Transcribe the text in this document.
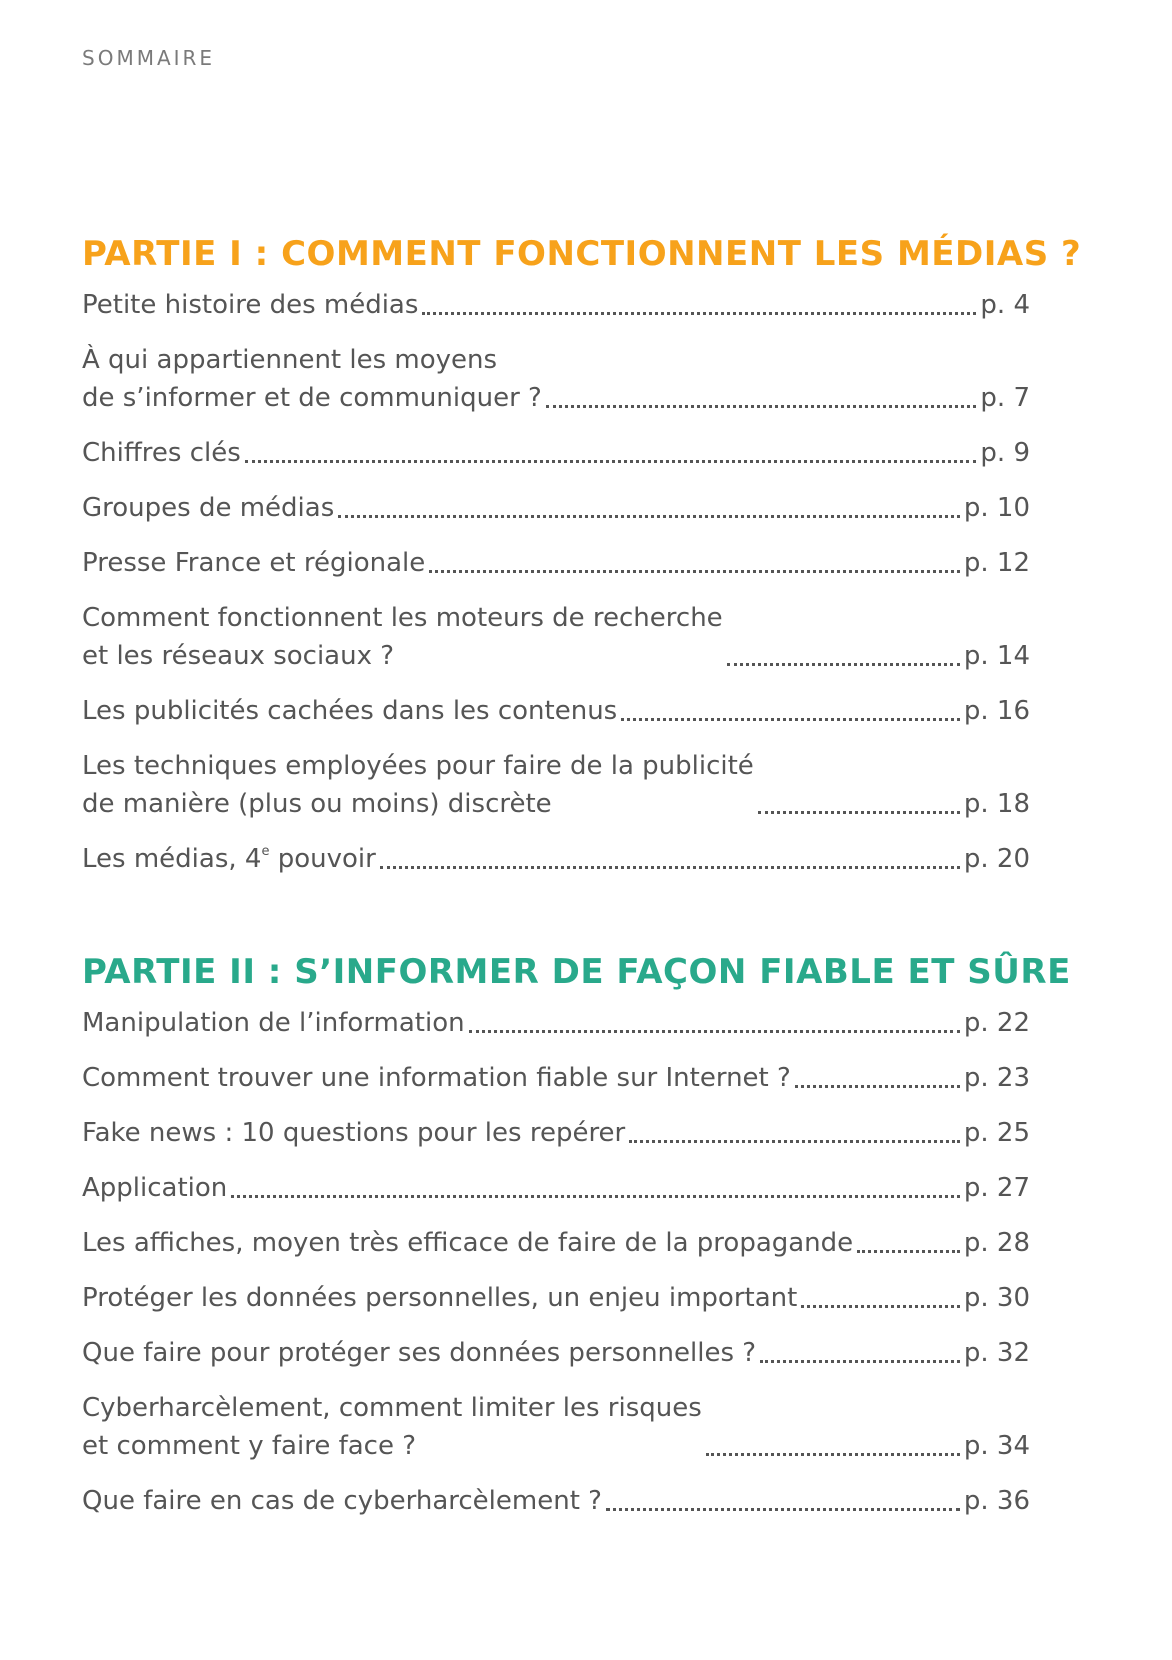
SOMMAIRE
PARTIE I : COMMENT FONCTIONNENT LES MÉDIAS ?
Petite histoire des médias	p. 4
À qui appartiennent les moyens
de s’informer et de communiquer ?	p. 7
Chiffres clés	p. 9
Groupes de médias	p. 10
Presse France et régionale	p. 12
Comment fonctionnent les moteurs de recherche
et les réseaux sociaux ?	p. 14
Les publicités cachées dans les contenus	p. 16
Les techniques employées pour faire de la publicité
de manière (plus ou moins) discrète	p. 18
Les médias, 4e pouvoir	p. 20
PARTIE II : S’INFORMER DE FAÇON FIABLE ET SÛRE
Manipulation de l’information	p. 22
Comment trouver une information fiable sur Internet ?	p. 23
Fake news : 10 questions pour les repérer	p. 25
Application	p. 27
Les affiches, moyen très efficace de faire de la propagande	p. 28
Protéger les données personnelles, un enjeu important	p. 30
Que faire pour protéger ses données personnelles ?	p. 32
Cyberharcèlement, comment limiter les risques
et comment y faire face ?	p. 34
Que faire en cas de cyberharcèlement ?	p. 36
